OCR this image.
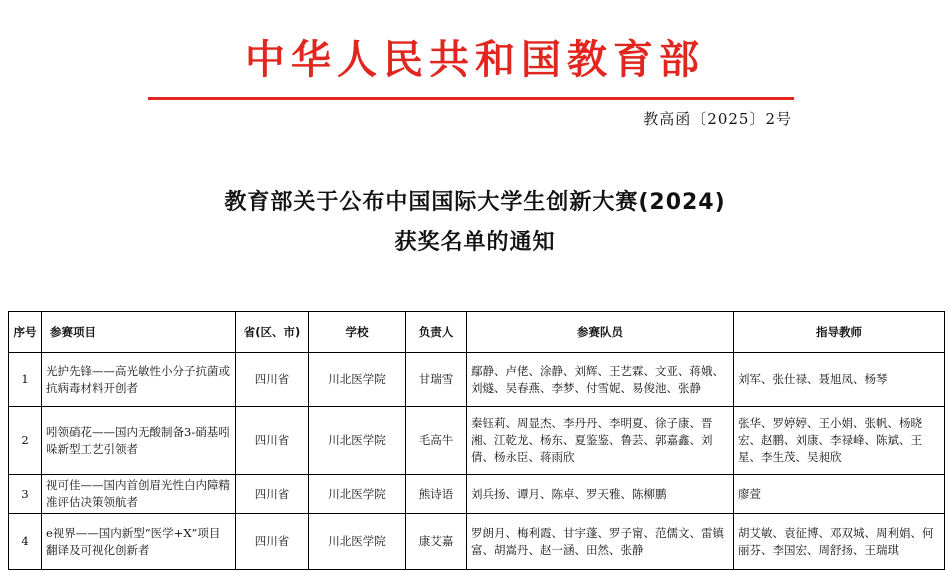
中华人民共和国教育部
教高函〔2025〕2号
教育部关于公布中国国际大学生创新大赛(2024)
获奖名单的通知
序号	参赛项目	省(区、市)	学校	负责人	参赛队员	指导教师
1	光护先锋——高光敏性小分子抗菌或抗病毒材料开创者	四川省	川北医学院	甘瑞雪	鄢静、卢佬、涂静、刘辉、王艺霖、文亚、蒋娥、刘燧、吴春燕、李梦、付雪妮、易俊池、张静	刘军、张仕禄、聂旭凤、杨琴
2	吲领硝花——国内无酸制备3-硝基吲哚新型工艺引领者	四川省	川北医学院	毛高牛	秦钰莉、周显杰、李丹丹、李明夏、徐子康、晋湘、江乾龙、杨东、夏鉴鉴、鲁芸、郭嘉鑫、刘倩、杨永臣、蒋雨欣	张华、罗婷婷、王小娟、张帆、杨晓宏、赵鹏、刘康、李禄峰、陈斌、王星、李生茂、吴昶欣
3	视可佳——国内首创眉光性白内障精准评估决策领航者	四川省	川北医学院	熊诗语	刘兵扬、谭月、陈卓、罗天雅、陈柳鹏	廖萱
4	e视界——国内新型“医学+X”项目翻译及可视化创新者	四川省	川北医学院	康艾嘉	罗朗月、梅利霞、甘宇蓬、罗子甯、范儒文、雷镇富、胡嵩丹、赵一涵、田然、张静	胡艾敏、袁征博、邓双城、周利娟、何丽芬、李国宏、周舒扬、王瑞琪
